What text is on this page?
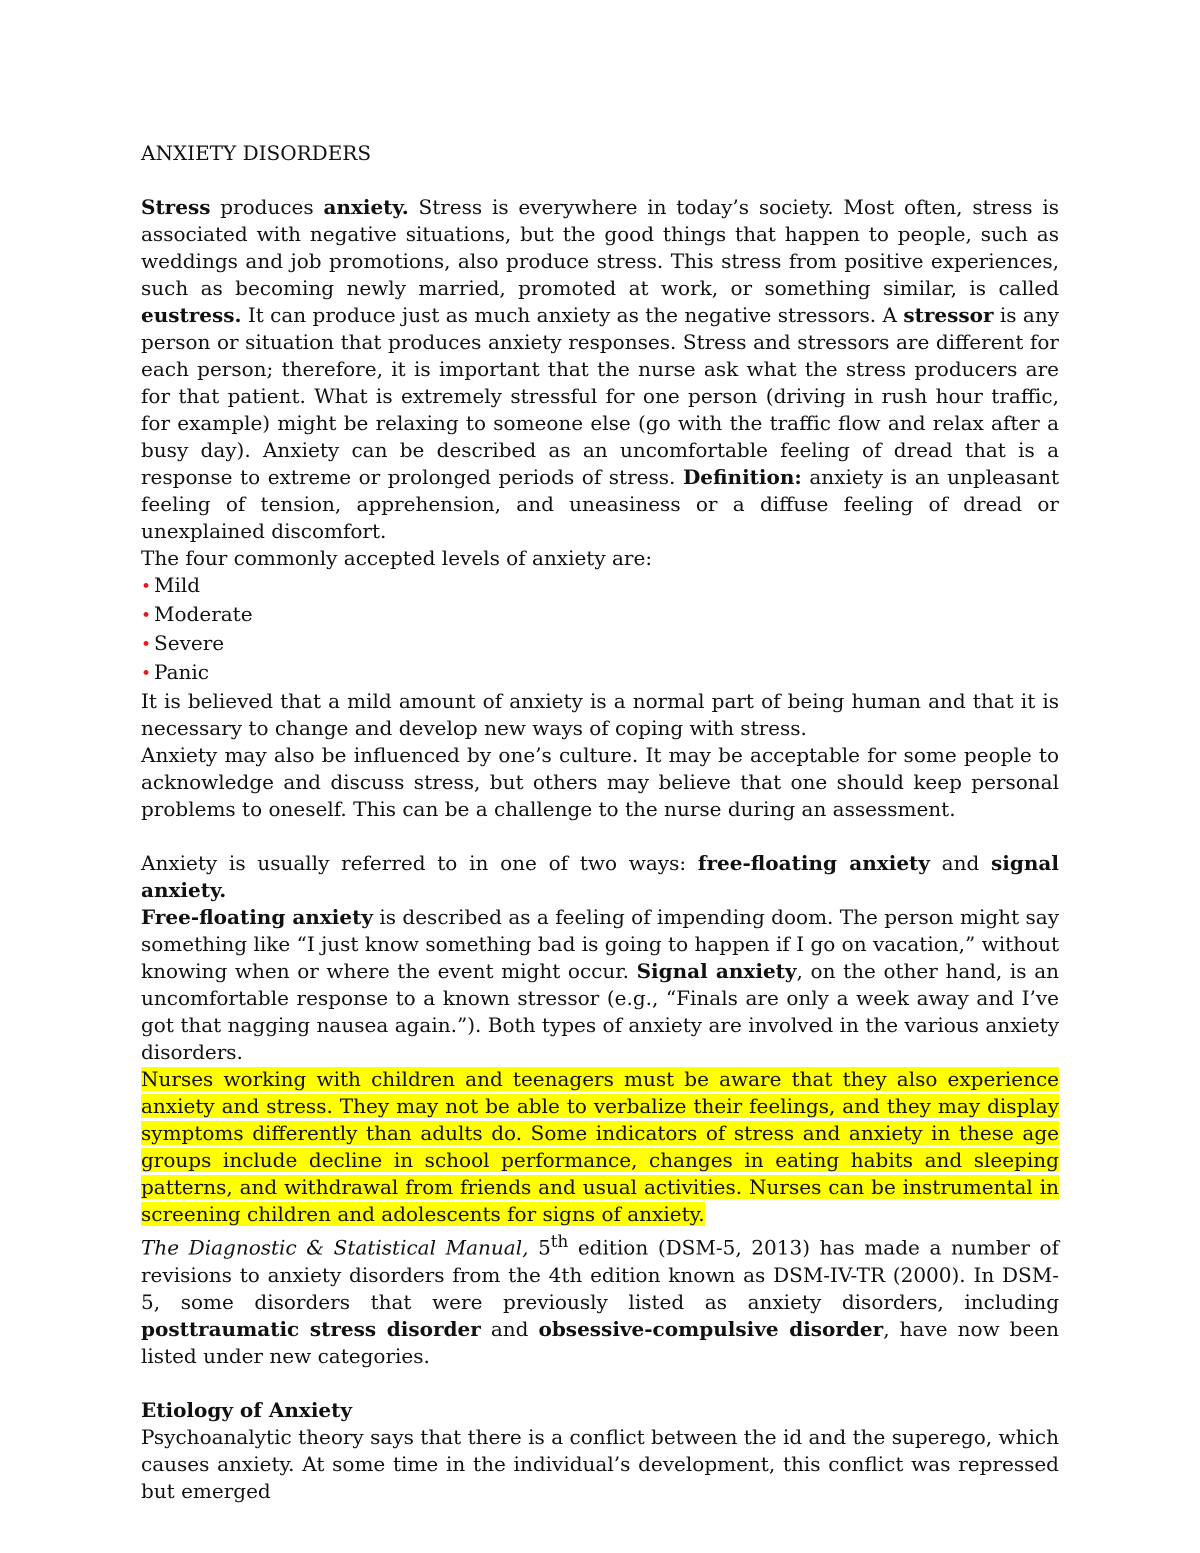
ANXIETY DISORDERS

Stress produces anxiety. Stress is everywhere in today’s society. Most often, stress is associated with negative situations, but the good things that happen to people, such as weddings and job promotions, also produce stress. This stress from positive experiences, such as becoming newly married, promoted at work, or something similar, is called eustress. It can produce just as much anxiety as the negative stressors. A stressor is any person or situation that produces anxiety responses. Stress and stressors are different for each person; therefore, it is important that the nurse ask what the stress producers are for that patient. What is extremely stressful for one person (driving in rush hour traffic, for example) might be relaxing to someone else (go with the traffic flow and relax after a busy day). Anxiety can be described as an uncomfortable feeling of dread that is a response to extreme or prolonged periods of stress. Definition: anxiety is an unpleasant feeling of tension, apprehension, and uneasiness or a diffuse feeling of dread or unexplained discomfort.

The four commonly accepted levels of anxiety are:

• Mild
• Moderate
• Severe
• Panic

It is believed that a mild amount of anxiety is a normal part of being human and that it is necessary to change and develop new ways of coping with stress.

Anxiety may also be influenced by one’s culture. It may be acceptable for some people to acknowledge and discuss stress, but others may believe that one should keep personal problems to oneself. This can be a challenge to the nurse during an assessment.

Anxiety is usually referred to in one of two ways: free-floating anxiety and signal anxiety.

Free-floating anxiety is described as a feeling of impending doom. The person might say something like “I just know something bad is going to happen if I go on vacation,” without knowing when or where the event might occur. Signal anxiety, on the other hand, is an uncomfortable response to a known stressor (e.g., “Finals are only a week away and I’ve got that nagging nausea again.”). Both types of anxiety are involved in the various anxiety disorders.

Nurses working with children and teenagers must be aware that they also experience anxiety and stress. They may not be able to verbalize their feelings, and they may display symptoms differently than adults do. Some indicators of stress and anxiety in these age groups include decline in school performance, changes in eating habits and sleeping patterns, and withdrawal from friends and usual activities. Nurses can be instrumental in screening children and adolescents for signs of anxiety.

The Diagnostic & Statistical Manual, 5th edition (DSM-5, 2013) has made a number of revisions to anxiety disorders from the 4th edition known as DSM-IV-TR (2000). In DSM-5, some disorders that were previously listed as anxiety disorders, including posttraumatic stress disorder and obsessive-compulsive disorder, have now been listed under new categories.

Etiology of Anxiety

Psychoanalytic theory says that there is a conflict between the id and the superego, which causes anxiety. At some time in the individual’s development, this conflict was repressed but emerged
